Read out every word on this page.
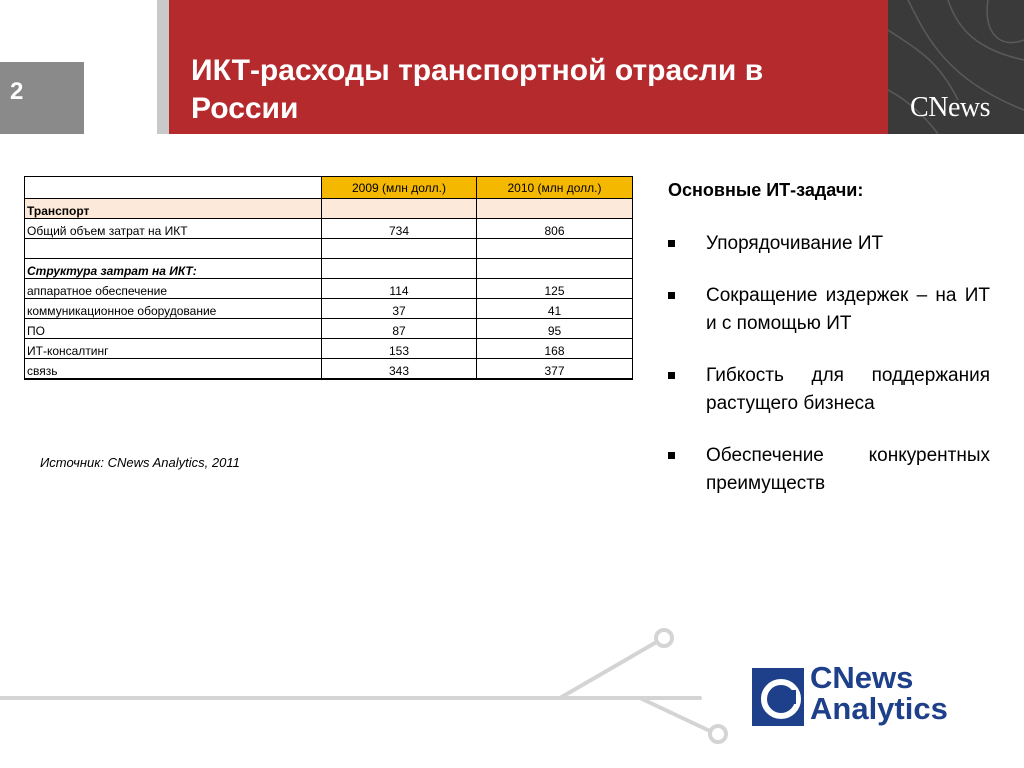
2
ИКТ-расходы транспортной отрасли в России	CNews
	2009 (млн долл.)	2010 (млн долл.)
Транспорт		
Общий объем затрат на ИКТ	734	806

Структура затрат на ИКТ:		
аппаратное обеспечение	114	125
коммуникационное оборудование	37	41
ПО	87	95
ИТ-консалтинг	153	168
связь	343	377
Источник: CNews Analytics, 2011
Основные ИТ-задачи:
Упорядочивание ИТ
Сокращение издержек – на ИТ и с помощью ИТ
Гибкость для поддержания растущего бизнеса
Обеспечение конкурентных преимуществ
CNews
Analytics
